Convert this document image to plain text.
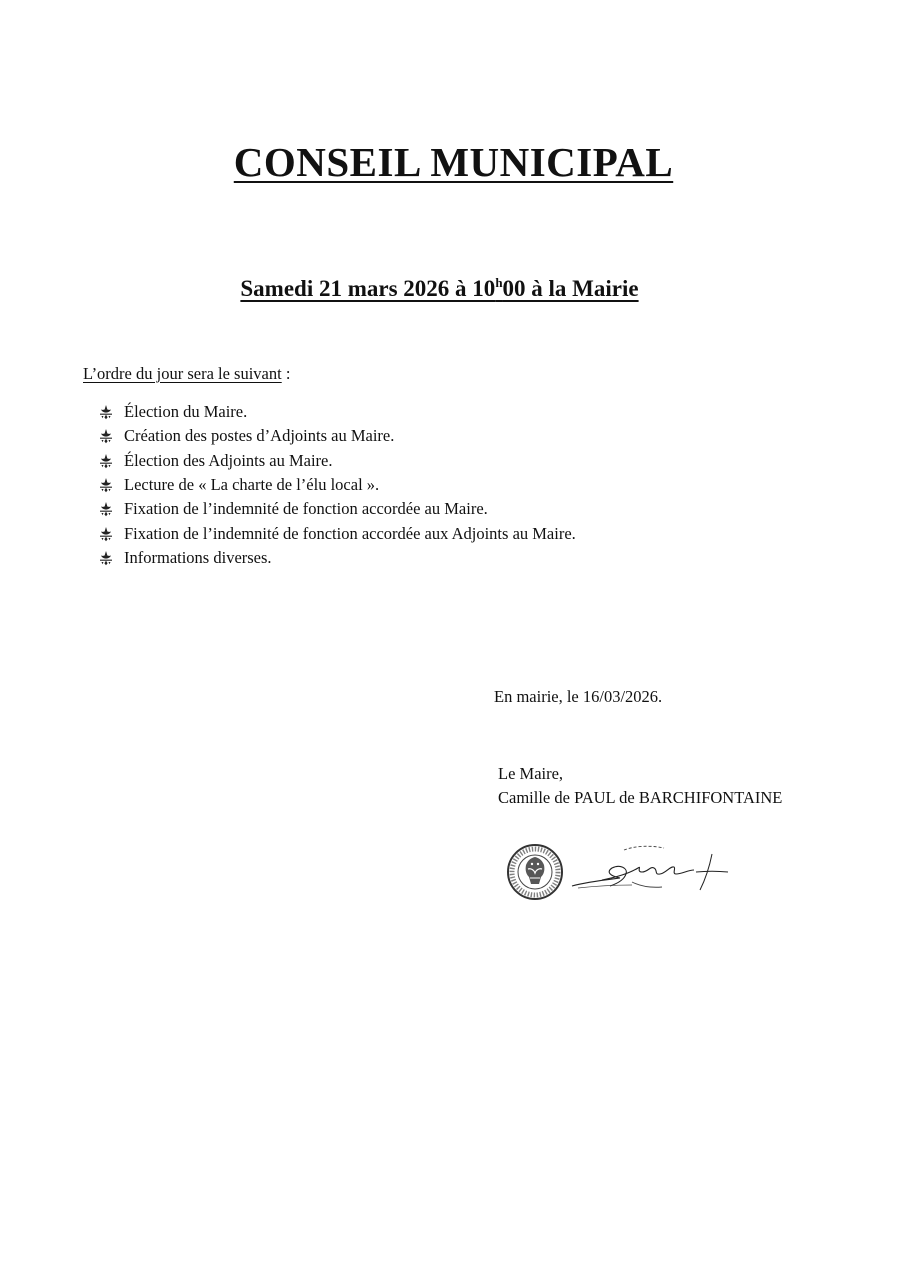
CONSEIL MUNICIPAL
Samedi 21 mars 2026 à 10$^h$00 à la Mairie

L’ordre du jour sera le suivant :

Élection du Maire.
Création des postes d’Adjoints au Maire.
Élection des Adjoints au Maire.
Lecture de « La charte de l’élu local ».
Fixation de l’indemnité de fonction accordée au Maire.
Fixation de l’indemnité de fonction accordée aux Adjoints au Maire.
Informations diverses.

En mairie, le 16/03/2026.

Le Maire,

Camille de PAUL de BARCHIFONTAINE
